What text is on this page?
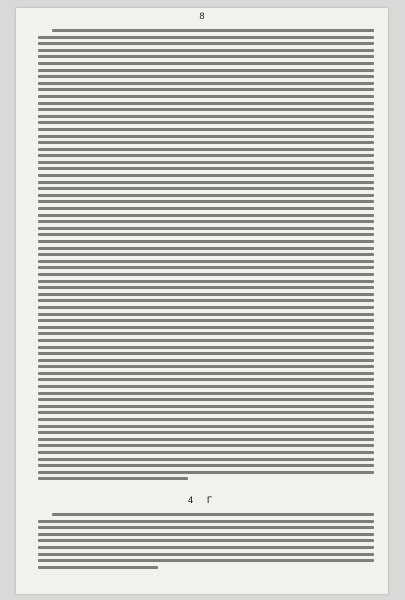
8
4 Γ
